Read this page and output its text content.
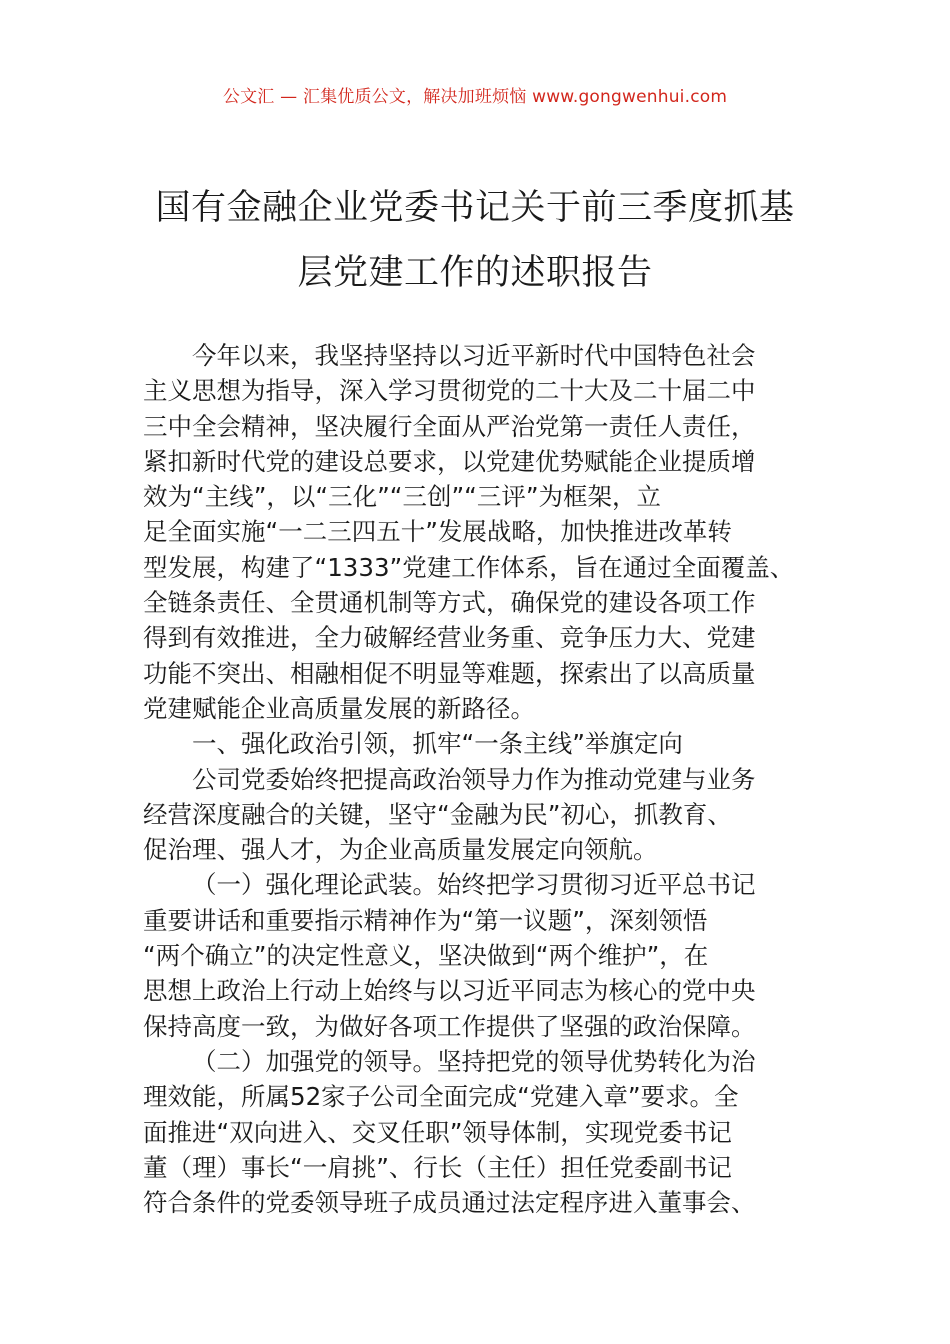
公文汇 — 汇集优质公文，解决加班烦恼 www.gongwenhui.com
国有金融企业党委书记关于前三季度抓基
层党建工作的述职报告
今年以来，我坚持坚持以习近平新时代中国特色社会
主义思想为指导，深入学习贯彻党的二十大及二十届二中
三中全会精神，坚决履行全面从严治党第一责任人责任，
紧扣新时代党的建设总要求，以党建优势赋能企业提质增
效为“主线”，以“三化”“三创”“三评”为框架，立
足全面实施“一二三四五十”发展战略，加快推进改革转
型发展，构建了“1333”党建工作体系，旨在通过全面覆盖、
全链条责任、全贯通机制等方式，确保党的建设各项工作
得到有效推进，全力破解经营业务重、竞争压力大、党建
功能不突出、相融相促不明显等难题，探索出了以高质量
党建赋能企业高质量发展的新路径。
一、强化政治引领，抓牢“一条主线”举旗定向
公司党委始终把提高政治领导力作为推动党建与业务
经营深度融合的关键，坚守“金融为民”初心，抓教育、
促治理、强人才，为企业高质量发展定向领航。
（一）强化理论武装。始终把学习贯彻习近平总书记
重要讲话和重要指示精神作为“第一议题”，深刻领悟
“两个确立”的决定性意义，坚决做到“两个维护”，在
思想上政治上行动上始终与以习近平同志为核心的党中央
保持高度一致，为做好各项工作提供了坚强的政治保障。
（二）加强党的领导。坚持把党的领导优势转化为治
理效能，所属52家子公司全面完成“党建入章”要求。全
面推进“双向进入、交叉任职”领导体制，实现党委书记
董（理）事长“一肩挑”、行长（主任）担任党委副书记
符合条件的党委领导班子成员通过法定程序进入董事会、
